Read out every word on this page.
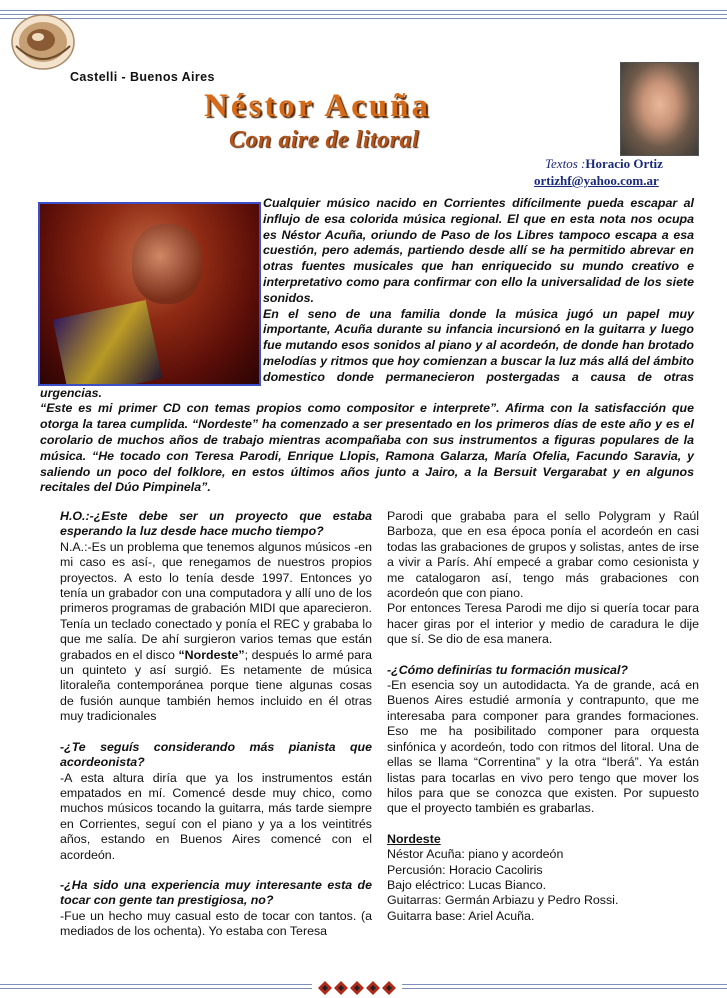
Castelli - Buenos Aires
Néstor Acuña
Con aire de litoral
Textos :Horacio Ortiz
ortizhf@yahoo.com.ar

Cualquier músico nacido en Corrientes difícilmente pueda escapar al influjo de esa colorida música regional. El que en esta nota nos ocupa es Néstor Acuña, oriundo de Paso de los Libres tampoco escapa a esa cuestión, pero además, partiendo desde allí se ha permitido abrevar en otras fuentes musicales que han enriquecido su mundo creativo e interpretativo como para confirmar con ello la universalidad de los siete sonidos.

En el seno de una familia donde la música jugó un papel muy importante, Acuña durante su infancia incursionó en la guitarra y luego fue mutando esos sonidos al piano y al acordeón, de donde han brotado melodías y ritmos que hoy comienzan a buscar la luz más allá del ámbito domestico donde permanecieron postergadas a causa de otras urgencias.

“Este es mi primer CD con temas propios como compositor e interprete”. Afirma con la satisfacción que otorga la tarea cumplida. “Nordeste” ha comenzado a ser presentado en los primeros días de este año y es el corolario de muchos años de trabajo mientras acompañaba con sus instrumentos a figuras populares de la música. “He tocado con Teresa Parodi, Enrique Llopis, Ramona Galarza, María Ofelia, Facundo Saravia, y saliendo un poco del folklore, en estos últimos años junto a Jairo, a la Bersuit Vergarabat y en algunos recitales del Dúo Pimpinela”.

H.O.:-¿Este debe ser un proyecto que estaba esperando la luz desde hace mucho tiempo?

N.A.:-Es un problema que tenemos algunos músicos -en mi caso es así-, que renegamos de nuestros propios proyectos. A esto lo tenía desde 1997. Entonces yo tenía un grabador con una computadora y allí uno de los primeros programas de grabación MIDI que aparecieron. Tenía un teclado conectado y ponía el REC y grababa lo que me salía. De ahí surgieron varios temas que están grabados en el disco “Nordeste”; después lo armé para un quinteto y así surgió. Es netamente de música litoraleña contemporánea porque tiene algunas cosas de fusión aunque también hemos incluido en él otras muy tradicionales

-¿Te seguís considerando más pianista que acordeonista?

-A esta altura diría que ya los instrumentos están empatados en mí. Comencé desde muy chico, como muchos músicos tocando la guitarra, más tarde siempre en Corrientes, seguí con el piano y ya a los veintitrés años, estando en Buenos Aires comencé con el acordeón.

-¿Ha sido una experiencia muy interesante esta de tocar con gente tan prestigiosa, no?

-Fue un hecho muy casual esto de tocar con tantos. (a mediados de los ochenta). Yo estaba con Teresa

Parodi que grababa para el sello Polygram y Raúl Barboza, que en esa época ponía el acordeón en casi todas las grabaciones de grupos y solistas, antes de irse a vivir a París. Ahí empecé a grabar como cesionista y me catalogaron así, tengo más grabaciones con acordeón que con piano.

Por entonces Teresa Parodi me dijo si quería tocar para hacer giras por el interior y medio de caradura le dije que sí. Se dio de esa manera.

-¿Cómo definirías tu formación musical?

-En esencia soy un autodidacta. Ya de grande, acá en Buenos Aires estudié armonía y contrapunto, que me interesaba para componer para grandes formaciones. Eso me ha posibilitado componer para orquesta sinfónica y acordeón, todo con ritmos del litoral. Una de ellas se llama “Correntina” y la otra “Iberá”. Ya están listas para tocarlas en vivo pero tengo que mover los hilos para que se conozca que existen. Por supuesto que el proyecto también es grabarlas.

Nordeste

Néstor Acuña: piano y acordeón

Percusión: Horacio Cacoliris

Bajo eléctrico: Lucas Bianco.

Guitarras: Germán Arbiazu y Pedro Rossi.

Guitarra base: Ariel Acuña.
